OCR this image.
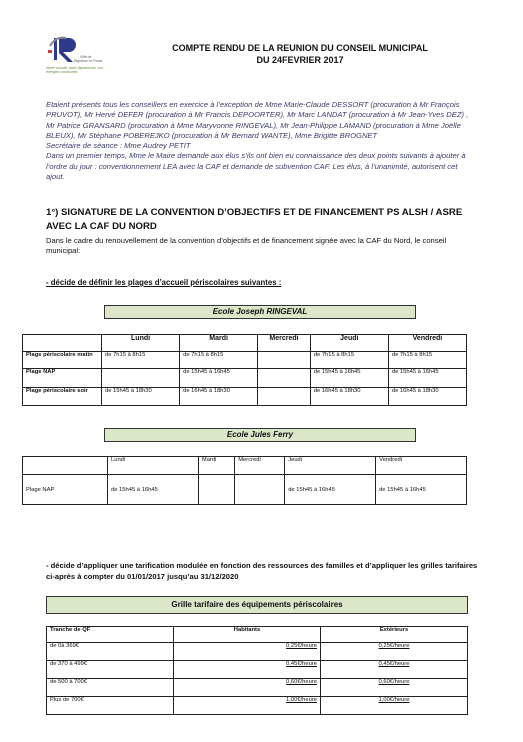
Ville de
Rignieux Le Franc
Notre volonté, notre dynamisme, vos énergies communes
COMPTE RENDU DE LA REUNION DU CONSEIL MUNICIPAL
DU 24FEVRIER 2017
Etaient présents tous les conseillers en exercice à l’exception de Mme Marie-Claude DESSORT (procuration à Mr François PRUVOT), Mr Hervé DEFER (procuration à Mr Francis DEPOORTER), Mr Marc LANDAT (procuration à Mr Jean-Yves DEZ) , Mr Patrice GRANSARD (procuration à Mme Maryvonne RINGEVAL), Mr Jean-Philippe LAMAND (procuration à Mme Joëlle BLEUX), Mr Stéphane POBEREJKO (procuration à Mr Bernard WANTE), Mme Brigitte BROGNET
Secrétaire de séance : Mme Audrey PETIT
Dans un premier temps, Mme le Maire demande aux élus s’ils ont bien eu connaissance des deux points suivants à ajouter à l’ordre du jour : conventionnement LEA avec la CAF et demande de subvention CAF. Les élus, à l’unanimité, autorisent cet ajout.
1°) SIGNATURE DE LA CONVENTION D’OBJECTIFS ET DE FINANCEMENT PS ALSH / ASRE AVEC LA CAF DU NORD
Dans le cadre du renouvellement de la convention d’objectifs et de financement signée avec la CAF du Nord, le conseil municipal:
- décide de définir les plages d’accueil périscolaires suivantes :
Ecole Joseph RINGEVAL
	Lundi	Mardi	Mercredi	Jeudi	Vendredi
Plage périscolaire matin	de 7h15 à 8h15	de 7h15 à 8h15		de 7h15 à 8h15	de 7h15 à 8h15
Plage NAP		de 15h45 à 16h45		de 15h45 à 16h45	de 15h45 à 16h45
Plage périscolaire soir	de 15h45 à 18h30	de 16h45 à 18h30		de 16h45 à 18h30	de 16h45 à 18h30
Ecole Jules Ferry
	Lundi	Mardi	Mercredi	Jeudi	Vendredi
Plage NAP	de 15h45 à 16h45			de 15h45 à 16h45	de 15h45 à 16h45
- décide d’appliquer une tarification modulée en fonction des ressources des familles et d’appliquer les grilles tarifaires ci-après à compter du 01/01/2017 jusqu’au 31/12/2020
Grille tarifaire des équipements périscolaires
Tranche de QF	Habitants	Extérieurs
de 0à 369€	0,25€/heure	0,25€/heure
de 370 à 499€	0,45€/heure	0,45€/heure
de 500 à 700€	0,60€/heure	0,60€/heure
Plus de 700€	1,00€/heure	1,00€/heure
